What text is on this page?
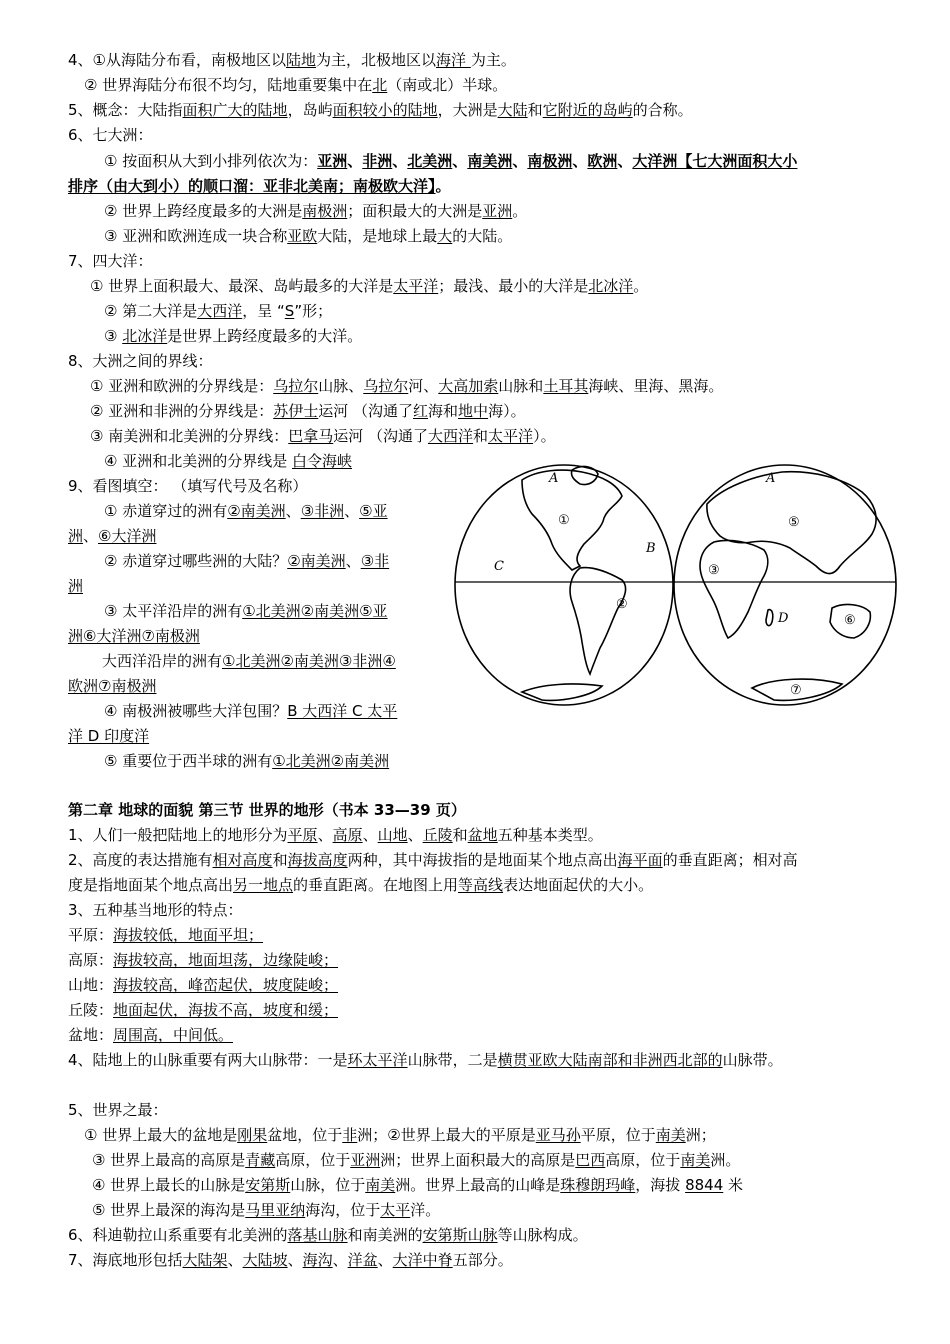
4、①从海陆分布看，南极地区以陆地为主，北极地区以海洋 为主。
② 世界海陆分布很不均匀，陆地重要集中在北（南或北）半球。
5、概念：大陆指面积广大的陆地，岛屿面积较小的陆地，大洲是大陆和它附近的岛屿的合称。
6、七大洲：
① 按面积从大到小排列依次为：亚洲、非洲、北美洲、南美洲、南极洲、欧洲、大洋洲【七大洲面积大小
排序（由大到小）的顺口溜：亚非北美南；南极欧大洋】。
② 世界上跨经度最多的大洲是南极洲；面积最大的大洲是亚洲。
③ 亚洲和欧洲连成一块合称亚欧大陆，是地球上最大的大陆。
7、四大洋：
① 世界上面积最大、最深、岛屿最多的大洋是太平洋；最浅、最小的大洋是北冰洋。
② 第二大洋是大西洋，呈 “S”形；
③ 北冰洋是世界上跨经度最多的大洋。
8、大洲之间的界线：
① 亚洲和欧洲的分界线是：乌拉尔山脉、乌拉尔河、大高加索山脉和土耳其海峡、里海、黑海。
② 亚洲和非洲的分界线是：苏伊士运河 （沟通了红海和地中海）。
③ 南美洲和北美洲的分界线：巴拿马运河 （沟通了大西洋和太平洋）。
④ 亚洲和北美洲的分界线是 白令海峡
9、看图填空： （填写代号及名称）
① 赤道穿过的洲有②南美洲、③非洲、⑤亚
洲、⑥大洋洲
② 赤道穿过哪些洲的大陆？②南美洲、③非
洲
③ 太平洋沿岸的洲有①北美洲②南美洲⑤亚
洲⑥大洋洲⑦南极洲
大西洋沿岸的洲有①北美洲②南美洲③非洲④
欧洲⑦南极洲
④ 南极洲被哪些大洋包围？B 大西洋 C 太平
洋 D 印度洋
⑤ 重要位于西半球的洲有①北美洲②南美洲
①
②
③
⑤
⑥
⑦
A	A
B
C
D
第二章 地球的面貌 第三节 世界的地形（书本 33—39 页）
1、人们一般把陆地上的地形分为平原、高原、山地、丘陵和盆地五种基本类型。
2、高度的表达措施有相对高度和海拔高度两种，其中海拔指的是地面某个地点高出海平面的垂直距离；相对高
度是指地面某个地点高出另一地点的垂直距离。在地图上用等高线表达地面起伏的大小。
3、五种基当地形的特点：
平原：海拔较低，地面平坦；
高原：海拔较高，地面坦荡，边缘陡峻；
山地：海拔较高，峰峦起伏，坡度陡峻；
丘陵：地面起伏，海拔不高，坡度和缓；
盆地：周围高，中间低。
4、陆地上的山脉重要有两大山脉带：一是环太平洋山脉带，二是横贯亚欧大陆南部和非洲西北部的山脉带。
5、世界之最：
① 世界上最大的盆地是刚果盆地，位于非洲；②世界上最大的平原是亚马孙平原，位于南美洲；
③ 世界上最高的高原是青藏高原，位于亚洲洲；世界上面积最大的高原是巴西高原，位于南美洲。
④ 世界上最长的山脉是安第斯山脉，位于南美洲。世界上最高的山峰是珠穆朗玛峰，海拔 8844 米
⑤ 世界上最深的海沟是马里亚纳海沟，位于太平洋。
6、科迪勒拉山系重要有北美洲的落基山脉和南美洲的安第斯山脉等山脉构成。
7、海底地形包括大陆架、大陆坡、海沟、洋盆、大洋中脊五部分。
